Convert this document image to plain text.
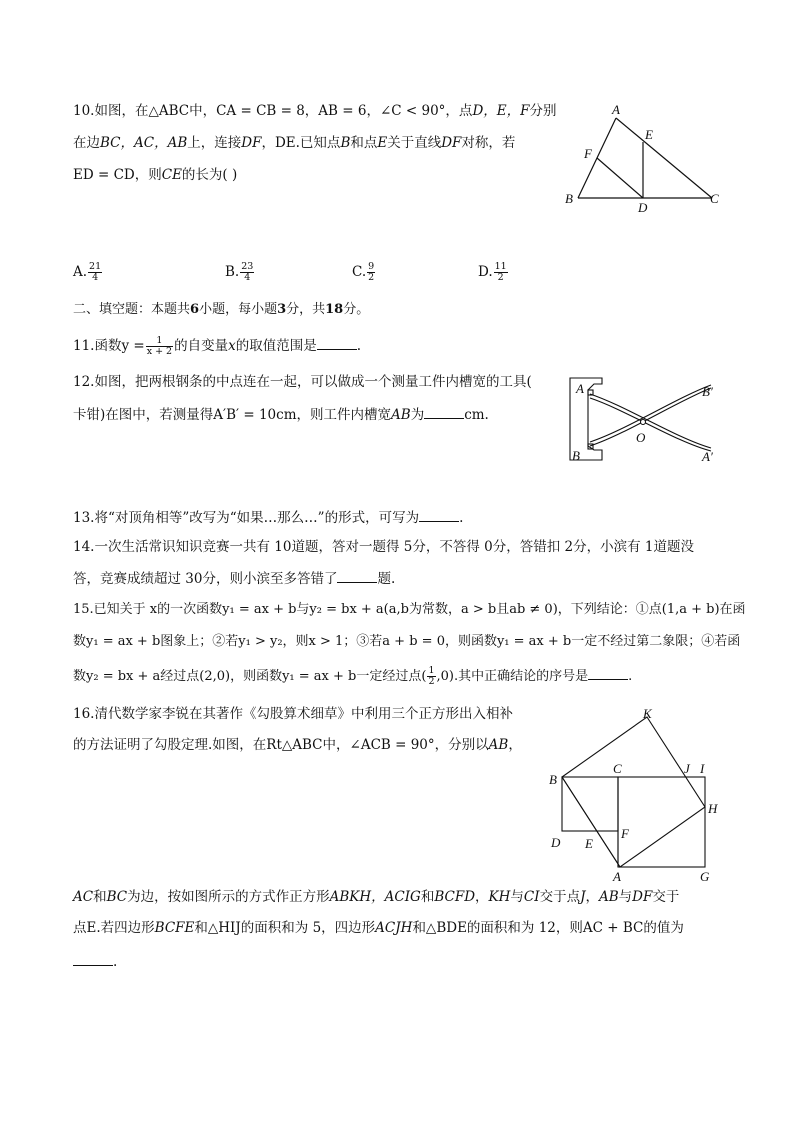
10.如图，在△ABC中，CA = CB = 8，AB = 6，∠C < 90°，点D，E，F分别
在边BC，AC，AB上，连接DF，DE.已知点B和点E关于直线DF对称，若
ED = CD，则CE的长为( )
A
E
F
B
D
C
A. $\frac{21}{4}$	B. $\frac{23}{4}$	C. $\frac{9}{2}$	D. $\frac{11}{2}$
二、填空题：本题共6小题，每小题3分，共18分。
11.函数$y = \frac{1}{x + 2}$ 的自变量x的取值范围是	.
12.如图，把两根钢条的中点连在一起，可以做成一个测量工件内槽宽的工具(
卡钳)在图中，若测量得A′B′ = 10cm，则工件内槽宽AB为	cm.
A
B
B′
A′
O
13.将“对顶角相等”改写为“如果…那么…”的形式，可写为	.
14.一次生活常识知识竞赛一共有 10道题，答对一题得 5分，不答得 0分，答错扣 2分，小滨有 1道题没
答，竞赛成绩超过 30分，则小滨至多答错了	题.
15.已知关于 x的一次函数y₁ = ax + b与y₂ = bx + a(a,b为常数，a > b且ab ≠ 0)，下列结论：①点(1,a + b)在函
数y₁ = ax + b图象上；②若y₁ > y₂，则x > 1；③若a + b = 0，则函数y₁ = ax + b一定不经过第二象限；④若函
数y₂ = bx + a经过点(2,0)，则函数y₁ = ax + b一定经过点( $\frac{1}{2} ,0$).其中正确结论的序号是	.
16.清代数学家李锐在其著作《勾股算术细草》中利用三个正方形出入相补
的方法证明了勾股定理.如图，在Rt△ABC中，∠ACB = 90°，分别以AB，
AC和BC为边，按如图所示的方式作正方形ABKH，ACIG和BCFD，KH与CI交于点J，AB与DF交于
点E.若四边形BCFE和△HIJ的面积和为 5，四边形ACJH和△BDE的面积和为 12，则AC + BC的值为
.
K
B
C	J I
H
F
D E
A	G
